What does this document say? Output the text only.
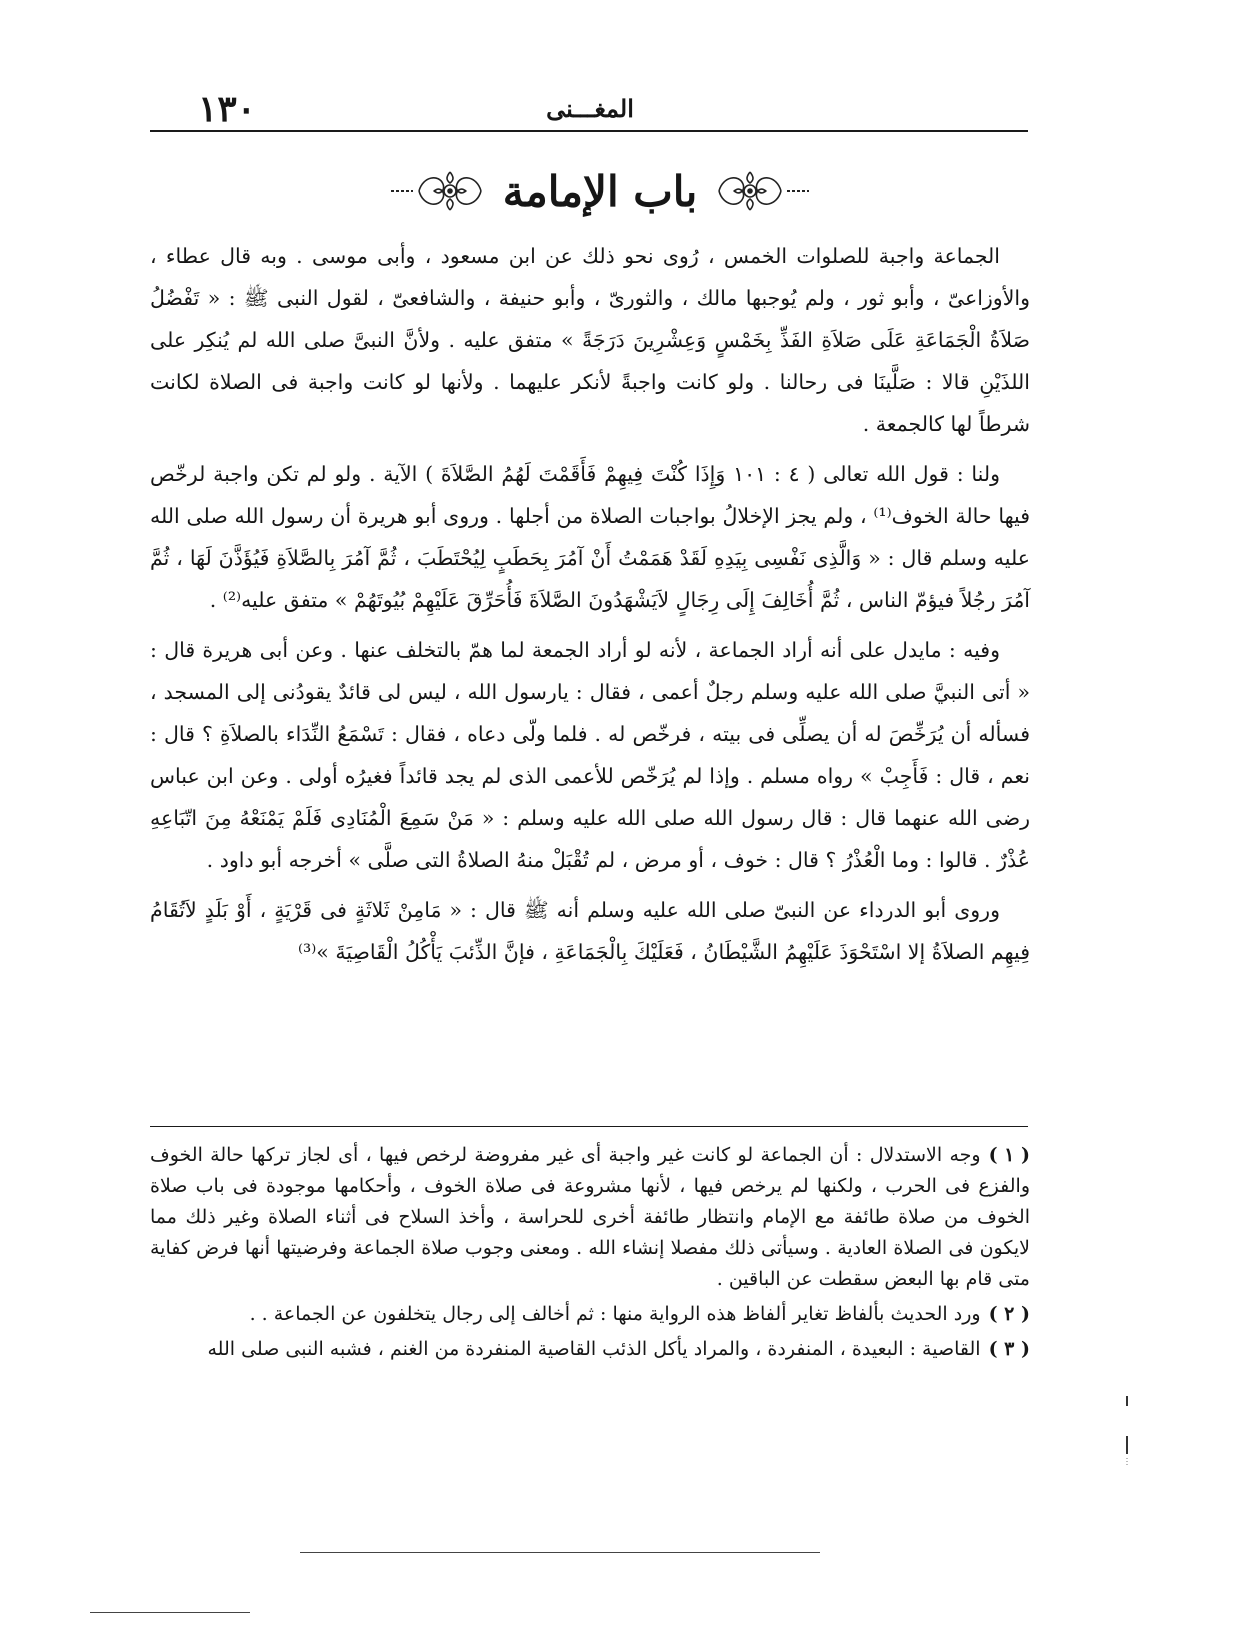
١٣٠	المغـــنى
باب الإمامة

الجماعة واجبة للصلوات الخمس ، رُوى نحو ذلك عن ابن مسعود ، وأبى موسى . وبه قال عطاء ، والأوزاعىّ ، وأبو ثور ، ولم يُوجبها مالك ، والثورىّ ، وأبو حنيفة ، والشافعىّ ، لقول النبى ﷺ : « تَفْضُلُ صَلاَةُ الْجَمَاعَةِ عَلَى صَلاَةِ الفَذِّ بِخَمْسٍ وَعِشْرِينَ دَرَجَةً » متفق عليه . ولأنَّ النبىَّ صلى الله لم يُنكِر على اللذَيْنِ قالا : صَلَّينَا فى رحالنا . ولو كانت واجبةً لأنكر عليهما . ولأنها لو كانت واجبة فى الصلاة لكانت شرطاً لها كالجمعة .

ولنا : قول الله تعالى ( ٤ : ١٠١ وَإِذَا كُنْتَ فِيهِمْ فَأَقَمْتَ لَهُمُ الصَّلاَةَ ) الآية . ولو لم تكن واجبة لرخّص فيها حالة الخوف⁽¹⁾ ، ولم يجز الإخلالُ بواجبات الصلاة من أجلها . وروى أبو هريرة أن رسول الله صلى الله عليه وسلم قال : « وَالَّذِى نَفْسِى بِيَدِهِ لَقَدْ هَمَمْتُ أَنْ آمُرَ بِحَطَبٍ لِيُحْتَطَبَ ، ثُمَّ آمُرَ بِالصَّلاَةِ فَيُؤَذَّنَ لَهَا ، ثُمَّ آمُرَ رجُلاً فيؤمّ الناس ، ثُمَّ أُخَالِفَ إِلَى رِجَالٍ لاَيَشْهَدُونَ الصَّلاَةَ فَأُحَرِّقَ عَلَيْهِمْ بُيُوتَهُمْ » متفق عليه⁽²⁾ .

وفيه : مايدل على أنه أراد الجماعة ، لأنه لو أراد الجمعة لما همّ بالتخلف عنها . وعن أبى هريرة قال : « أتى النبيَّ صلى الله عليه وسلم رجلٌ أعمى ، فقال : يارسول الله ، ليس لى قائدٌ يقودُنى إلى المسجد ، فسأله أن يُرَخِّصَ له أن يصلِّى فى بيته ، فرخّص له . فلما ولّى دعاه ، فقال : تَسْمَعُ النِّدَاء بالصلاَةِ ؟ قال : نعم ، قال : فَأَجِبْ » رواه مسلم . وإذا لم يُرَخّص للأعمى الذى لم يجد قائداً فغيرُه أولى . وعن ابن عباس رضى الله عنهما قال : قال رسول الله صلى الله عليه وسلم : « مَنْ سَمِعَ الْمُنَادِى فَلَمْ يَمْنَعْهُ مِنَ اتّبَاعِهِ عُذْرٌ . قالوا : وما الْعُذْرُ ؟ قال : خوف ، أو مرض ، لم تُقْبَلْ منهُ الصلاةُ التى صلَّى » أخرجه أبو داود .

وروى أبو الدرداء عن النبىّ صلى الله عليه وسلم أنه ﷺ قال : « مَامِنْ ثَلاثَةٍ فى قَرْيَةٍ ، أَوْ بَلَدٍ لاَتُقَامُ فِيهِم الصلاَةُ إلا اسْتَحْوَذَ عَلَيْهِمُ الشَّيْطَانُ ، فَعَلَيْكَ بِالْجَمَاعَةِ ، فإنَّ الذِّئبَ يَأْكُلُ الْقَاصِيَةَ »⁽³⁾

( ١ )وجه الاستدلال : أن الجماعة لو كانت غير واجبة أى غير مفروضة لرخص فيها ، أى لجاز تركها حالة الخوف والفزع فى الحرب ، ولكنها لم يرخص فيها ، لأنها مشروعة فى صلاة الخوف ، وأحكامها موجودة فى باب صلاة الخوف من صلاة طائفة مع الإمام وانتظار طائفة أخرى للحراسة ، وأخذ السلاح فى أثناء الصلاة وغير ذلك مما لايكون فى الصلاة العادية . وسيأتى ذلك مفصلا إنشاء الله . ومعنى وجوب صلاة الجماعة وفرضيتها أنها فرض كفاية متى قام بها البعض سقطت عن الباقين .

( ٢ )ورد الحديث بألفاظ تغاير ألفاظ هذه الرواية منها : ثم أخالف إلى رجال يتخلفون عن الجماعة . .

( ٣ )القاصية : البعيدة ، المنفردة ، والمراد يأكل الذئب القاصية المنفردة من الغنم ، فشبه النبى صلى الله
